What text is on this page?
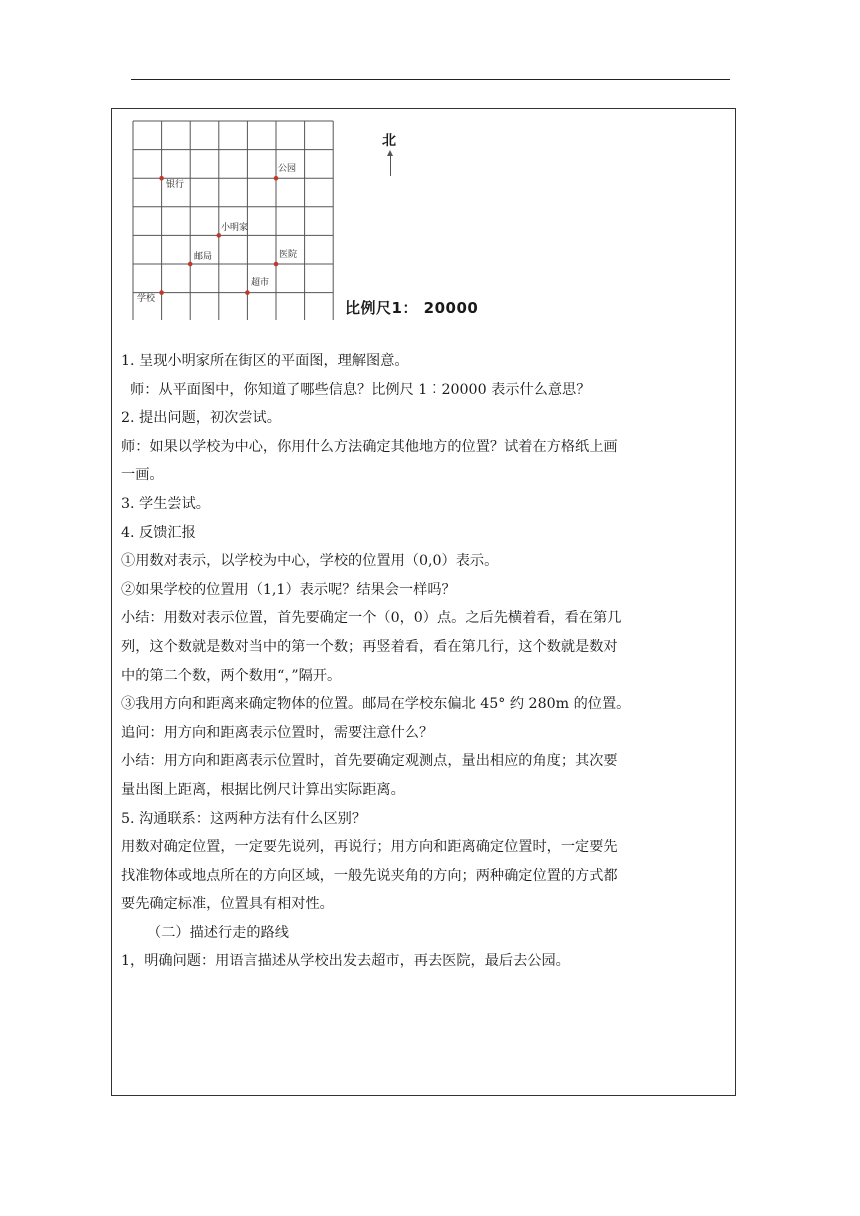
银行
公园
小明家
邮局	医院
超市
学校
北
比例尺1： 20000
1. 呈现小明家所在街区的平面图，理解图意。
师：从平面图中，你知道了哪些信息？比例尺 1︰20000 表示什么意思？
2. 提出问题，初次尝试。
师：如果以学校为中心，你用什么方法确定其他地方的位置？试着在方格纸上画
一画。
3. 学生尝试。
4. 反馈汇报
①用数对表示，以学校为中心，学校的位置用（0,0）表示。
②如果学校的位置用（1,1）表示呢？结果会一样吗？
小结：用数对表示位置，首先要确定一个（0，0）点。之后先横着看，看在第几
列，这个数就是数对当中的第一个数；再竖着看，看在第几行，这个数就是数对
中的第二个数，两个数用“，”隔开。
③我用方向和距离来确定物体的位置。邮局在学校东偏北 45° 约 280m 的位置。
追问：用方向和距离表示位置时，需要注意什么？
小结：用方向和距离表示位置时，首先要确定观测点，量出相应的角度；其次要
量出图上距离，根据比例尺计算出实际距离。
5. 沟通联系：这两种方法有什么区别？
用数对确定位置，一定要先说列，再说行；用方向和距离确定位置时，一定要先
找准物体或地点所在的方向区域，一般先说夹角的方向；两种确定位置的方式都
要先确定标准，位置具有相对性。
（二）描述行走的路线
1，明确问题：用语言描述从学校出发去超市，再去医院，最后去公园。
